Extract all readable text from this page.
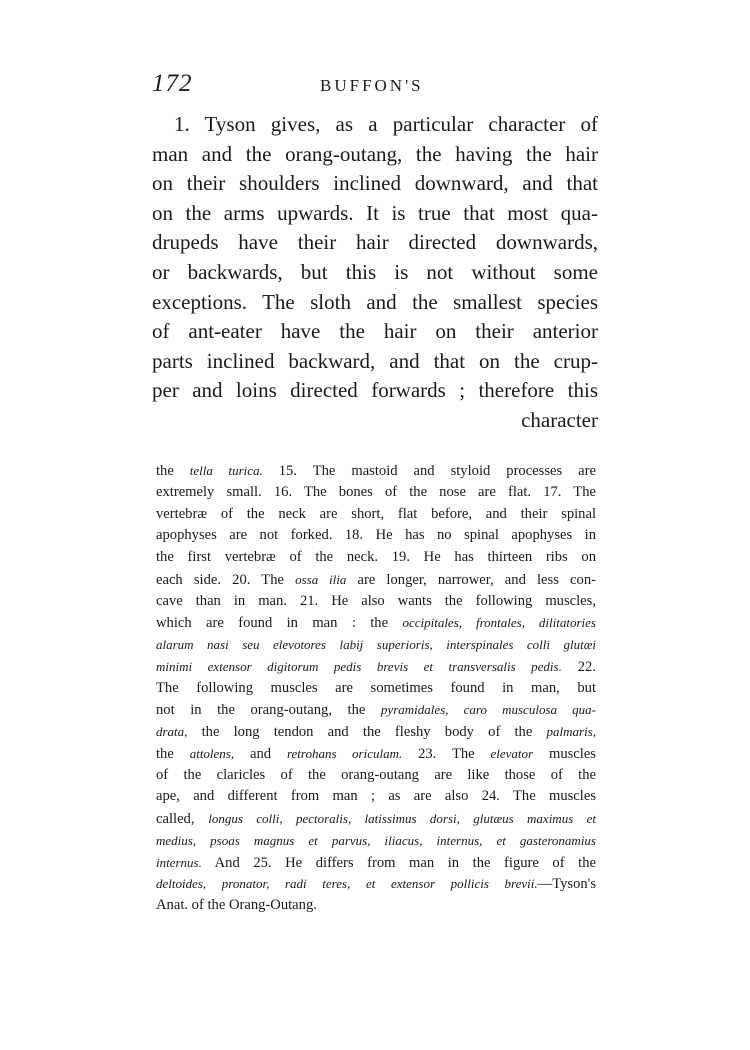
172	BUFFON'S
1. Tyson gives, as a particular character of
man and the orang-outang, the having the hair
on their shoulders inclined downward, and that
on the arms upwards. It is true that most qua-
drupeds have their hair directed downwards,
or backwards, but this is not without some
exceptions. The sloth and the smallest species
of ant-eater have the hair on their anterior
parts inclined backward, and that on the crup-
per and loins directed forwards ; therefore this
character
the tella turica. 15. The mastoid and styloid processes are
extremely small. 16. The bones of the nose are flat. 17. The
vertebræ of the neck are short, flat before, and their spinal
apophyses are not forked. 18. He has no spinal apophyses in
the first vertebræ of the neck. 19. He has thirteen ribs on
each side. 20. The ossa ilia are longer, narrower, and less con-
cave than in man. 21. He also wants the following muscles,
which are found in man : the occipitales, frontales, dilitatories
alarum nasi seu elevotores labij superioris, interspinales colli glutæi
minimi extensor digitorum pedis brevis et transversalis pedis. 22.
The following muscles are sometimes found in man, but
not in the orang-outang, the pyramidales, caro musculosa qua-
drata, the long tendon and the fleshy body of the palmaris,
the attolens, and retrohans oriculam. 23. The elevator muscles
of the claricles of the orang-outang are like those of the
ape, and different from man ; as are also 24. The muscles
called, longus colli, pectoralis, latissimus dorsi, glutæus maximus et
medius, psoas magnus et parvus, iliacus, internus, et gasteronamius
internus. And 25. He differs from man in the figure of the
deltoides, pronator, radi teres, et extensor pollicis brevii.—Tyson's
Anat. of the Orang-Outang.
